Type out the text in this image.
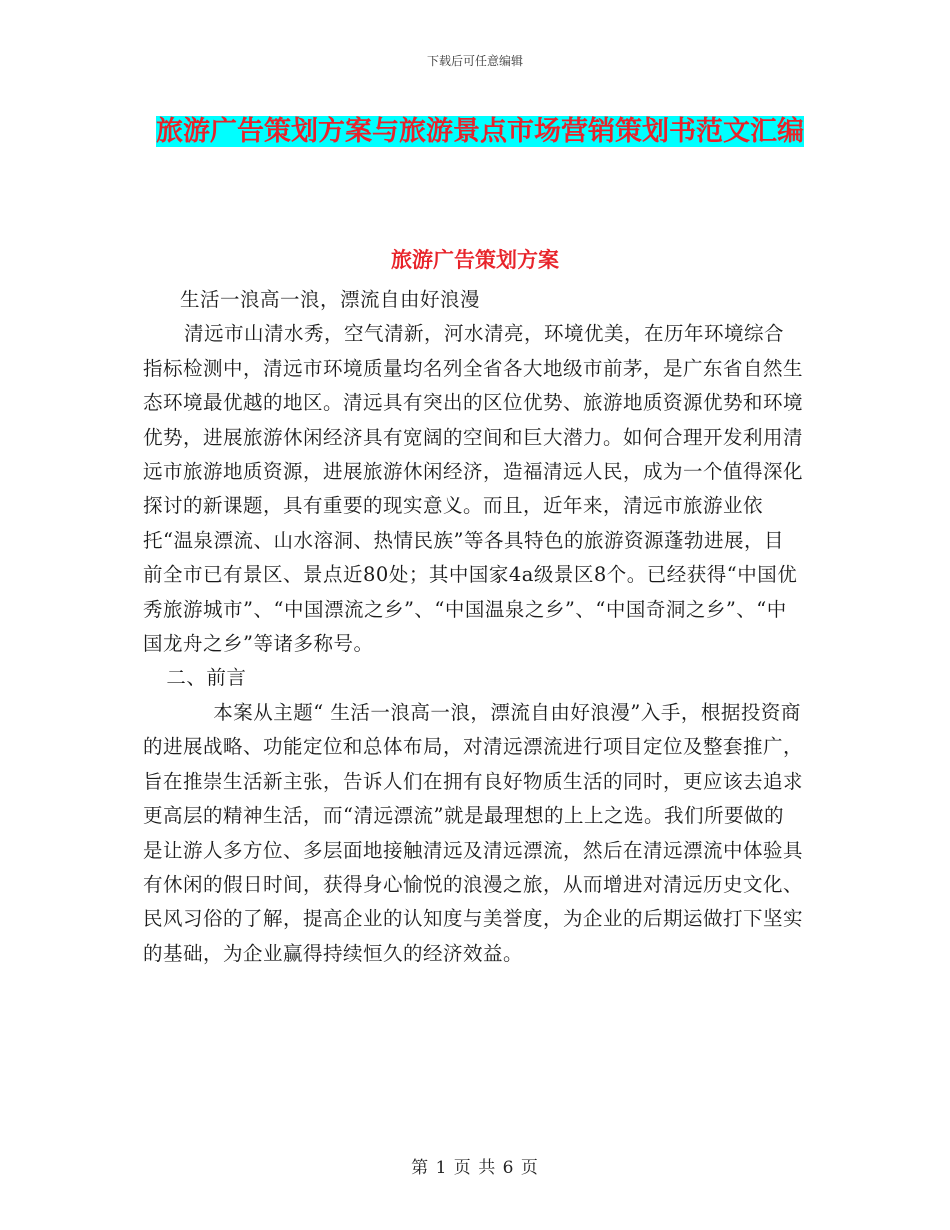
下载后可任意编辑
旅游广告策划方案与旅游景点市场营销策划书范文汇编
旅游广告策划方案

生活一浪高一浪，漂流自由好浪漫

清远市山清水秀，空气清新，河水清亮，环境优美，在历年环境综合指标检测中，清远市环境质量均名列全省各大地级市前茅，是广东省自然生态环境最优越的地区。清远具有突出的区位优势、旅游地质资源优势和环境优势，进展旅游休闲经济具有宽阔的空间和巨大潜力。如何合理开发利用清远市旅游地质资源，进展旅游休闲经济，造福清远人民，成为一个值得深化探讨的新课题，具有重要的现实意义。而且，近年来，清远市旅游业依托“温泉漂流、山水溶洞、热情民族”等各具特色的旅游资源蓬勃进展，目前全市已有景区、景点近80处；其中国家4a级景区8个。已经获得“中国优秀旅游城市”、“中国漂流之乡”、“中国温泉之乡”、“中国奇洞之乡”、“中国龙舟之乡”等诸多称号。

二、前言

本案从主题“ 生活一浪高一浪，漂流自由好浪漫”入手，根据投资商的进展战略、功能定位和总体布局，对清远漂流进行项目定位及整套推广，旨在推崇生活新主张，告诉人们在拥有良好物质生活的同时，更应该去追求更高层的精神生活，而“清远漂流”就是最理想的上上之选。我们所要做的是让游人多方位、多层面地接触清远及清远漂流，然后在清远漂流中体验具有休闲的假日时间，获得身心愉悦的浪漫之旅，从而增进对清远历史文化、民风习俗的了解，提高企业的认知度与美誉度，为企业的后期运做打下坚实的基础，为企业赢得持续恒久的经济效益。

第 1 页 共 6 页
